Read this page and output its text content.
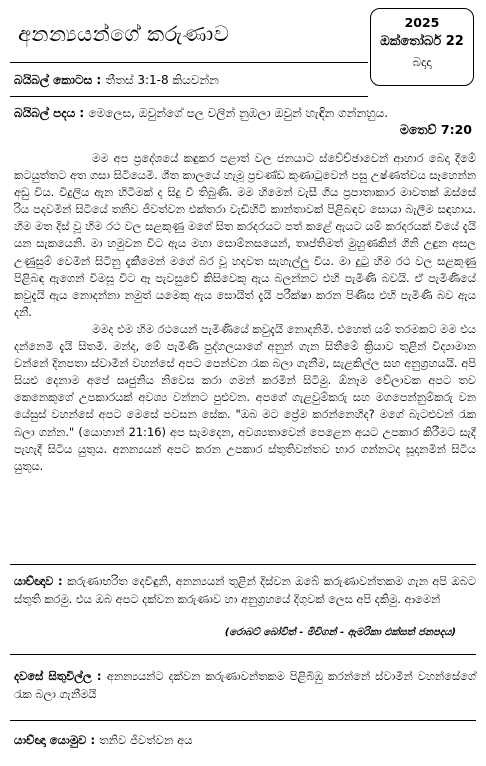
අනන්‍යයන්ගේ කරුණාව	2025
ඔක්තෝබර් 22
බදාදා
බයිබල් කොටස : තීතස් 3:1-8 කියවන්න
බයිබල් පදය : මෙලෙස, ඔවුන්ගේ පල වලින් නුඹලා ඔවුන් හැඳින ගන්නහුය.
මතෙව් 7:20

මම අප ප්‍රදේශයේ කඳුකර පළාත් වල ජනයාට ස්වේච්ඡාවෙන් ආහාර බෙදා දීමේ කටයුත්තට අත ගසා සිටියෙමි. ශීත කාලයේ හැමූ ප්‍රචණ්ඩ කුණාටුවෙන් පසු උෂ්ණත්වය සෑහෙන්න අඩු විය. විදුලිය ඇන හිටීමක් ද සිදු වී තිබුණි. මම හිමෙන් වැසී ගිය ප්‍රපාතාකාර මාවතක් ඔස්සේ රිය පදවමින් සිටියේ තනිව ජීවත්වන එක්තරා වැඩිහිටි කාන්තාවක් පිළිබඳව සොයා බැලීම සඳහාය. හිම මත දිස් වූ හිම රථ වල සළකුණු මගේ සිත කරදරයට පත් කළේ ඇයට යම් කරදරයක් වියේ දැයි යන සැකයෙනි. මා හමුවන විට ඇය මහා සොම්නසයෙන්, තෘප්තිමත් මුහුණකින් ගිනි උඳුන අසල උණුසුම් වෙමින් සිටිනු දැකීමෙන් මගේ බර වූ හදවත සැහැල්ලු විය. මා දුටු හිම රථ වල සළකුණු පිළිබඳ ඇගෙන් විමසූ විට ඈ පැවසුවේ කිසිවෙකු ඇය බලන්නට එහි පැමිණි බවයි. ඒ පැමිණියේ කවුදැයි ඇය නොදන්නා නමුත් යමෙකු ඇය සොයිත් දැයි පරීක්ෂා කරන පිණිස එහි පැමිණි බව ඇය දනී.

මමද එම හිම රථයෙන් පැමිණියේ කවුදැයි නොදනිමි. එහෙත් යම් තරමකට මම එය දන්නෙමි දැයි සිතමි. මන්ද, මේ පැමිණි පුද්ගලයාගේ අනුන් ගැන සිතීමේ ක්‍රියාව තුළින් විද්‍යාමාන වන්නේ දිනපතා ස්වාමීන් වහන්සේ අපට පෙන්වන රැක බලා ගැනීම, සැළකිල්ල සහ අනුග්‍රහයයි. අපි සියළු දෙනාම අපේ සෘජුනිය නිවෙස කරා ගමන් කරමින් සිටිමු. ඕනෑම වේලාවක අපට තව කෙනෙකුගේ උපකාරයක් අවශ්‍ය වන්නට පුළුවන. අපගේ ගැළවුම්කරු සහ මගපෙන්නුම්කරු වන යේසුස් වහන්සේ අපට මෙසේ පවසන සේක. "ඔබ මට ප්‍රේම කරන්නෙහිද? මගේ බැටළුවන් රැක බලා ගන්න." (යොහාන් 21:16) අප සැමදෙන, අවශ්‍යතාවෙන් පෙළෙන අයට උපකාර කිරීමට සැදී පැහැදී සිටිය යුතුය. අනන්‍යයන් අපට කරන උපකාර ස්තුතිවන්තව භාර ගන්නටද සූදානමින් සිටිය යුතුය.

යාච්ඥාව : කරුණාභරිත දෙවිඳුනි, අනන්‍යයන් තුළින් දිස්වන ඔබේ කරුණාවන්තකම ගැන අපි ඔබට ස්තුති කරමු. එය ඔබ අපට දක්වන කරුණාව හා අනුග්‍රහයේ දිගුවක් ලෙස අපි දකිමු. ආමෙන්
(රොබට් බෝවිත් - මිචිගන් - ඇමරිකා එක්සත් ජනපදය)
දවසේ සිතුවිල්ල : අනන්‍යයන්ට දක්වන කරුණාවන්තකම පිළිබිඹු කරන්නේ ස්වාමීන් වහන්සේගේ රැක බලා ගැනීමයි
යාච්ඥා යොමුව : තනිව ජීවත්වන අය
